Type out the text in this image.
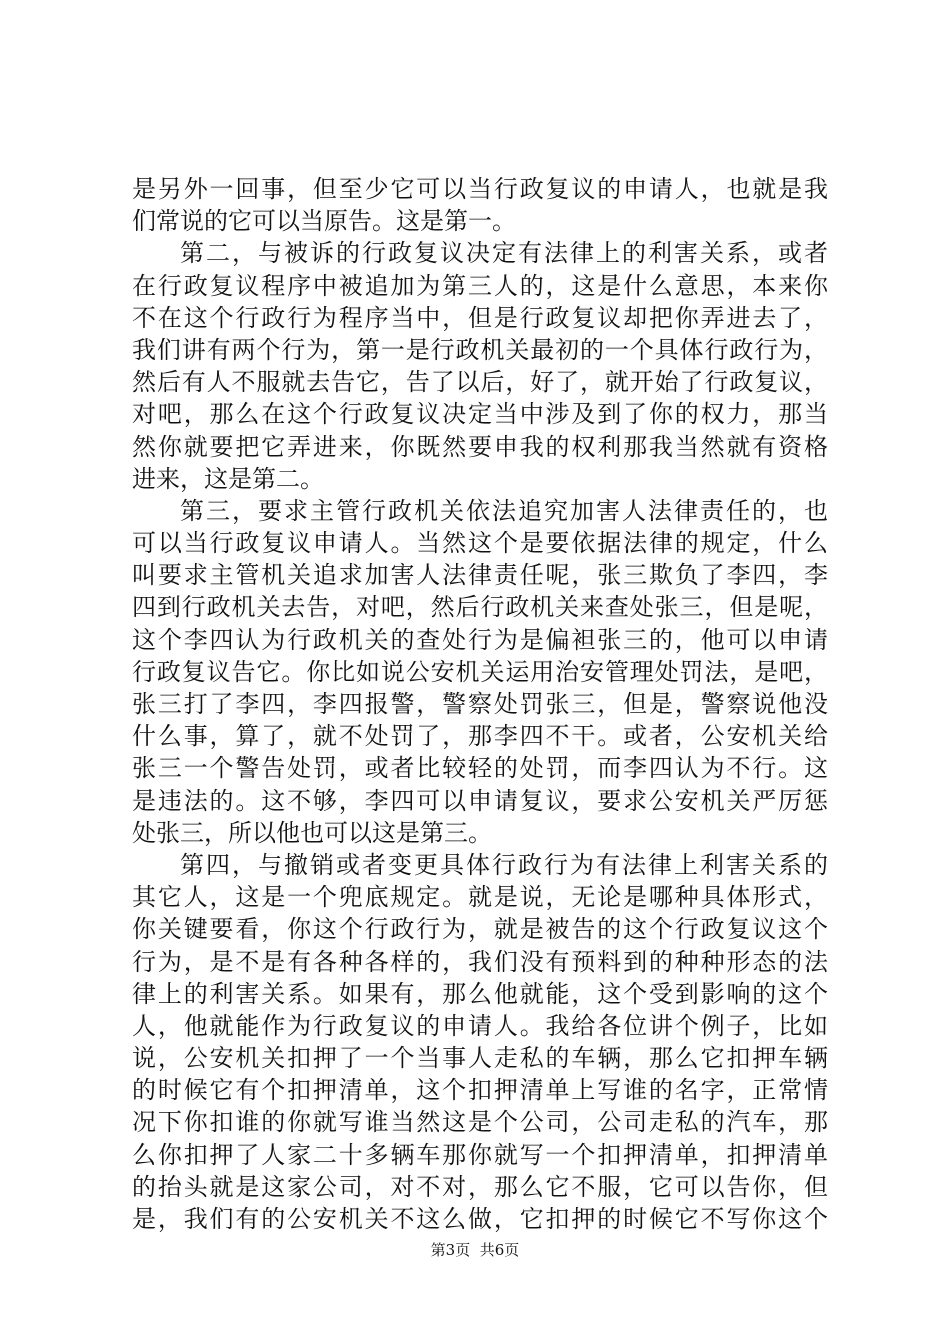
是另外一回事，但至少它可以当行政复议的申请人，也就是我
们常说的它可以当原告。这是第一。
第二，与被诉的行政复议决定有法律上的利害关系，或者
在行政复议程序中被追加为第三人的，这是什么意思，本来你
不在这个行政行为程序当中，但是行政复议却把你弄进去了，
我们讲有两个行为，第一是行政机关最初的一个具体行政行为，
然后有人不服就去告它，告了以后，好了，就开始了行政复议，
对吧，那么在这个行政复议决定当中涉及到了你的权力，那当
然你就要把它弄进来，你既然要申我的权利那我当然就有资格
进来，这是第二。
第三，要求主管行政机关依法追究加害人法律责任的，也
可以当行政复议申请人。当然这个是要依据法律的规定，什么
叫要求主管机关追求加害人法律责任呢，张三欺负了李四，李
四到行政机关去告，对吧，然后行政机关来查处张三，但是呢，
这个李四认为行政机关的查处行为是偏袒张三的，他可以申请
行政复议告它。你比如说公安机关运用治安管理处罚法，是吧，
张三打了李四，李四报警，警察处罚张三，但是，警察说他没
什么事，算了，就不处罚了，那李四不干。或者，公安机关给
张三一个警告处罚，或者比较轻的处罚，而李四认为不行。这
是违法的。这不够，李四可以申请复议，要求公安机关严厉惩
处张三，所以他也可以这是第三。
第四，与撤销或者变更具体行政行为有法律上利害关系的
其它人，这是一个兜底规定。就是说，无论是哪种具体形式，
你关键要看，你这个行政行为，就是被告的这个行政复议这个
行为，是不是有各种各样的，我们没有预料到的种种形态的法
律上的利害关系。如果有，那么他就能，这个受到影响的这个
人，他就能作为行政复议的申请人。我给各位讲个例子，比如
说，公安机关扣押了一个当事人走私的车辆，那么它扣押车辆
的时候它有个扣押清单，这个扣押清单上写谁的名字，正常情
况下你扣谁的你就写谁当然这是个公司，公司走私的汽车，那
么你扣押了人家二十多辆车那你就写一个扣押清单，扣押清单
的抬头就是这家公司，对不对，那么它不服，它可以告你，但
是，我们有的公安机关不这么做，它扣押的时候它不写你这个
第3页 共6页
